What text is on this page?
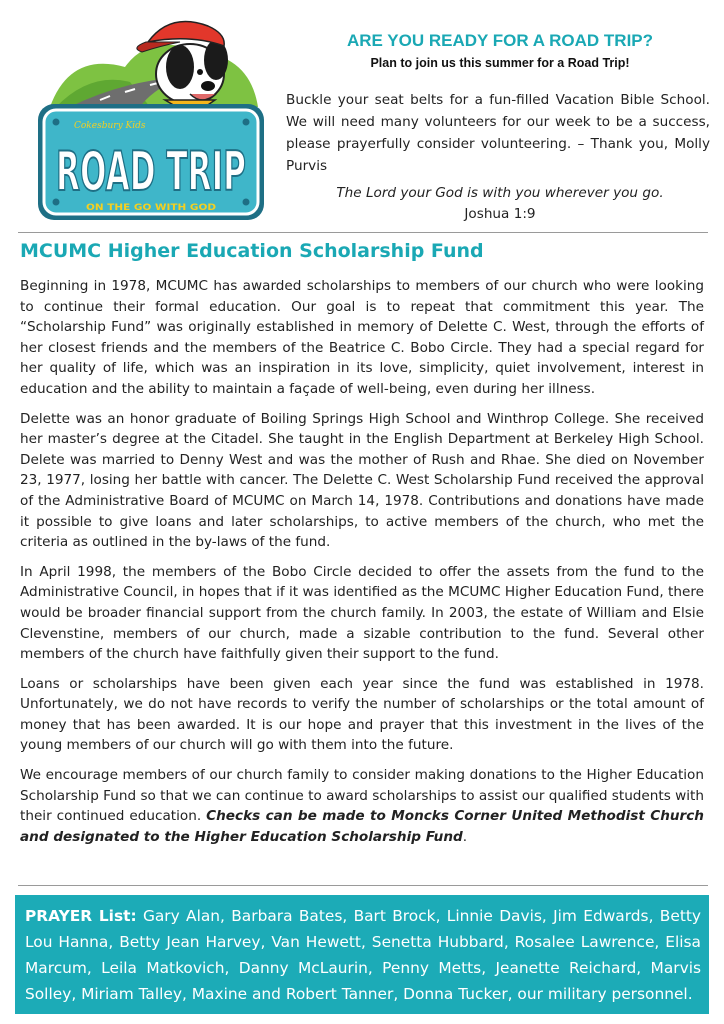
Cokesbury Kids
ROAD TRIP
ON THE GO WITH GOD
ARE YOU READY FOR A ROAD TRIP?
Plan to join us this summer for a Road Trip!
Buckle your seat belts for a fun-filled Vacation Bible School. We will need many volunteers for our week to be a success, please prayerfully consider volunteering. – Thank you, Molly Purvis
The Lord your God is with you wherever you go.
Joshua 1:9
MCUMC Higher Education Scholarship Fund

Beginning in 1978, MCUMC has awarded scholarships to members of our church who were looking to continue their formal education. Our goal is to repeat that commitment this year. The “Scholarship Fund” was originally established in memory of Delette C. West, through the efforts of her closest friends and the members of the Beatrice C. Bobo Circle. They had a special regard for her quality of life, which was an inspiration in its love, simplicity, quiet involvement, interest in education and the ability to maintain a façade of well-being, even during her illness.

Delette was an honor graduate of Boiling Springs High School and Winthrop College. She received her master’s degree at the Citadel. She taught in the English Department at Berkeley High School. Delete was married to Denny West and was the mother of Rush and Rhae. She died on November 23, 1977, losing her battle with cancer. The Delette C. West Scholarship Fund received the approval of the Administrative Board of MCUMC on March 14, 1978. Contributions and donations have made it possible to give loans and later scholarships, to active members of the church, who met the criteria as outlined in the by-laws of the fund.

In April 1998, the members of the Bobo Circle decided to offer the assets from the fund to the Administrative Council, in hopes that if it was identified as the MCUMC Higher Education Fund, there would be broader financial support from the church family. In 2003, the estate of William and Elsie Clevenstine, members of our church, made a sizable contribution to the fund. Several other members of the church have faithfully given their support to the fund.

Loans or scholarships have been given each year since the fund was established in 1978. Unfortunately, we do not have records to verify the number of scholarships or the total amount of money that has been awarded. It is our hope and prayer that this investment in the lives of the young members of our church will go with them into the future.

We encourage members of our church family to consider making donations to the Higher Education Scholarship Fund so that we can continue to award scholarships to assist our qualified students with their continued education. Checks can be made to Moncks Corner United Methodist Church and designated to the Higher Education Scholarship Fund.

PRAYER List: Gary Alan, Barbara Bates, Bart Brock, Linnie Davis, Jim Edwards, Betty Lou Hanna, Betty Jean Harvey, Van Hewett, Senetta Hubbard, Rosalee Lawrence, Elisa Marcum, Leila Matkovich, Danny McLaurin, Penny Metts, Jeanette Reichard, Marvis Solley, Miriam Talley, Maxine and Robert Tanner, Donna Tucker, our military personnel.
